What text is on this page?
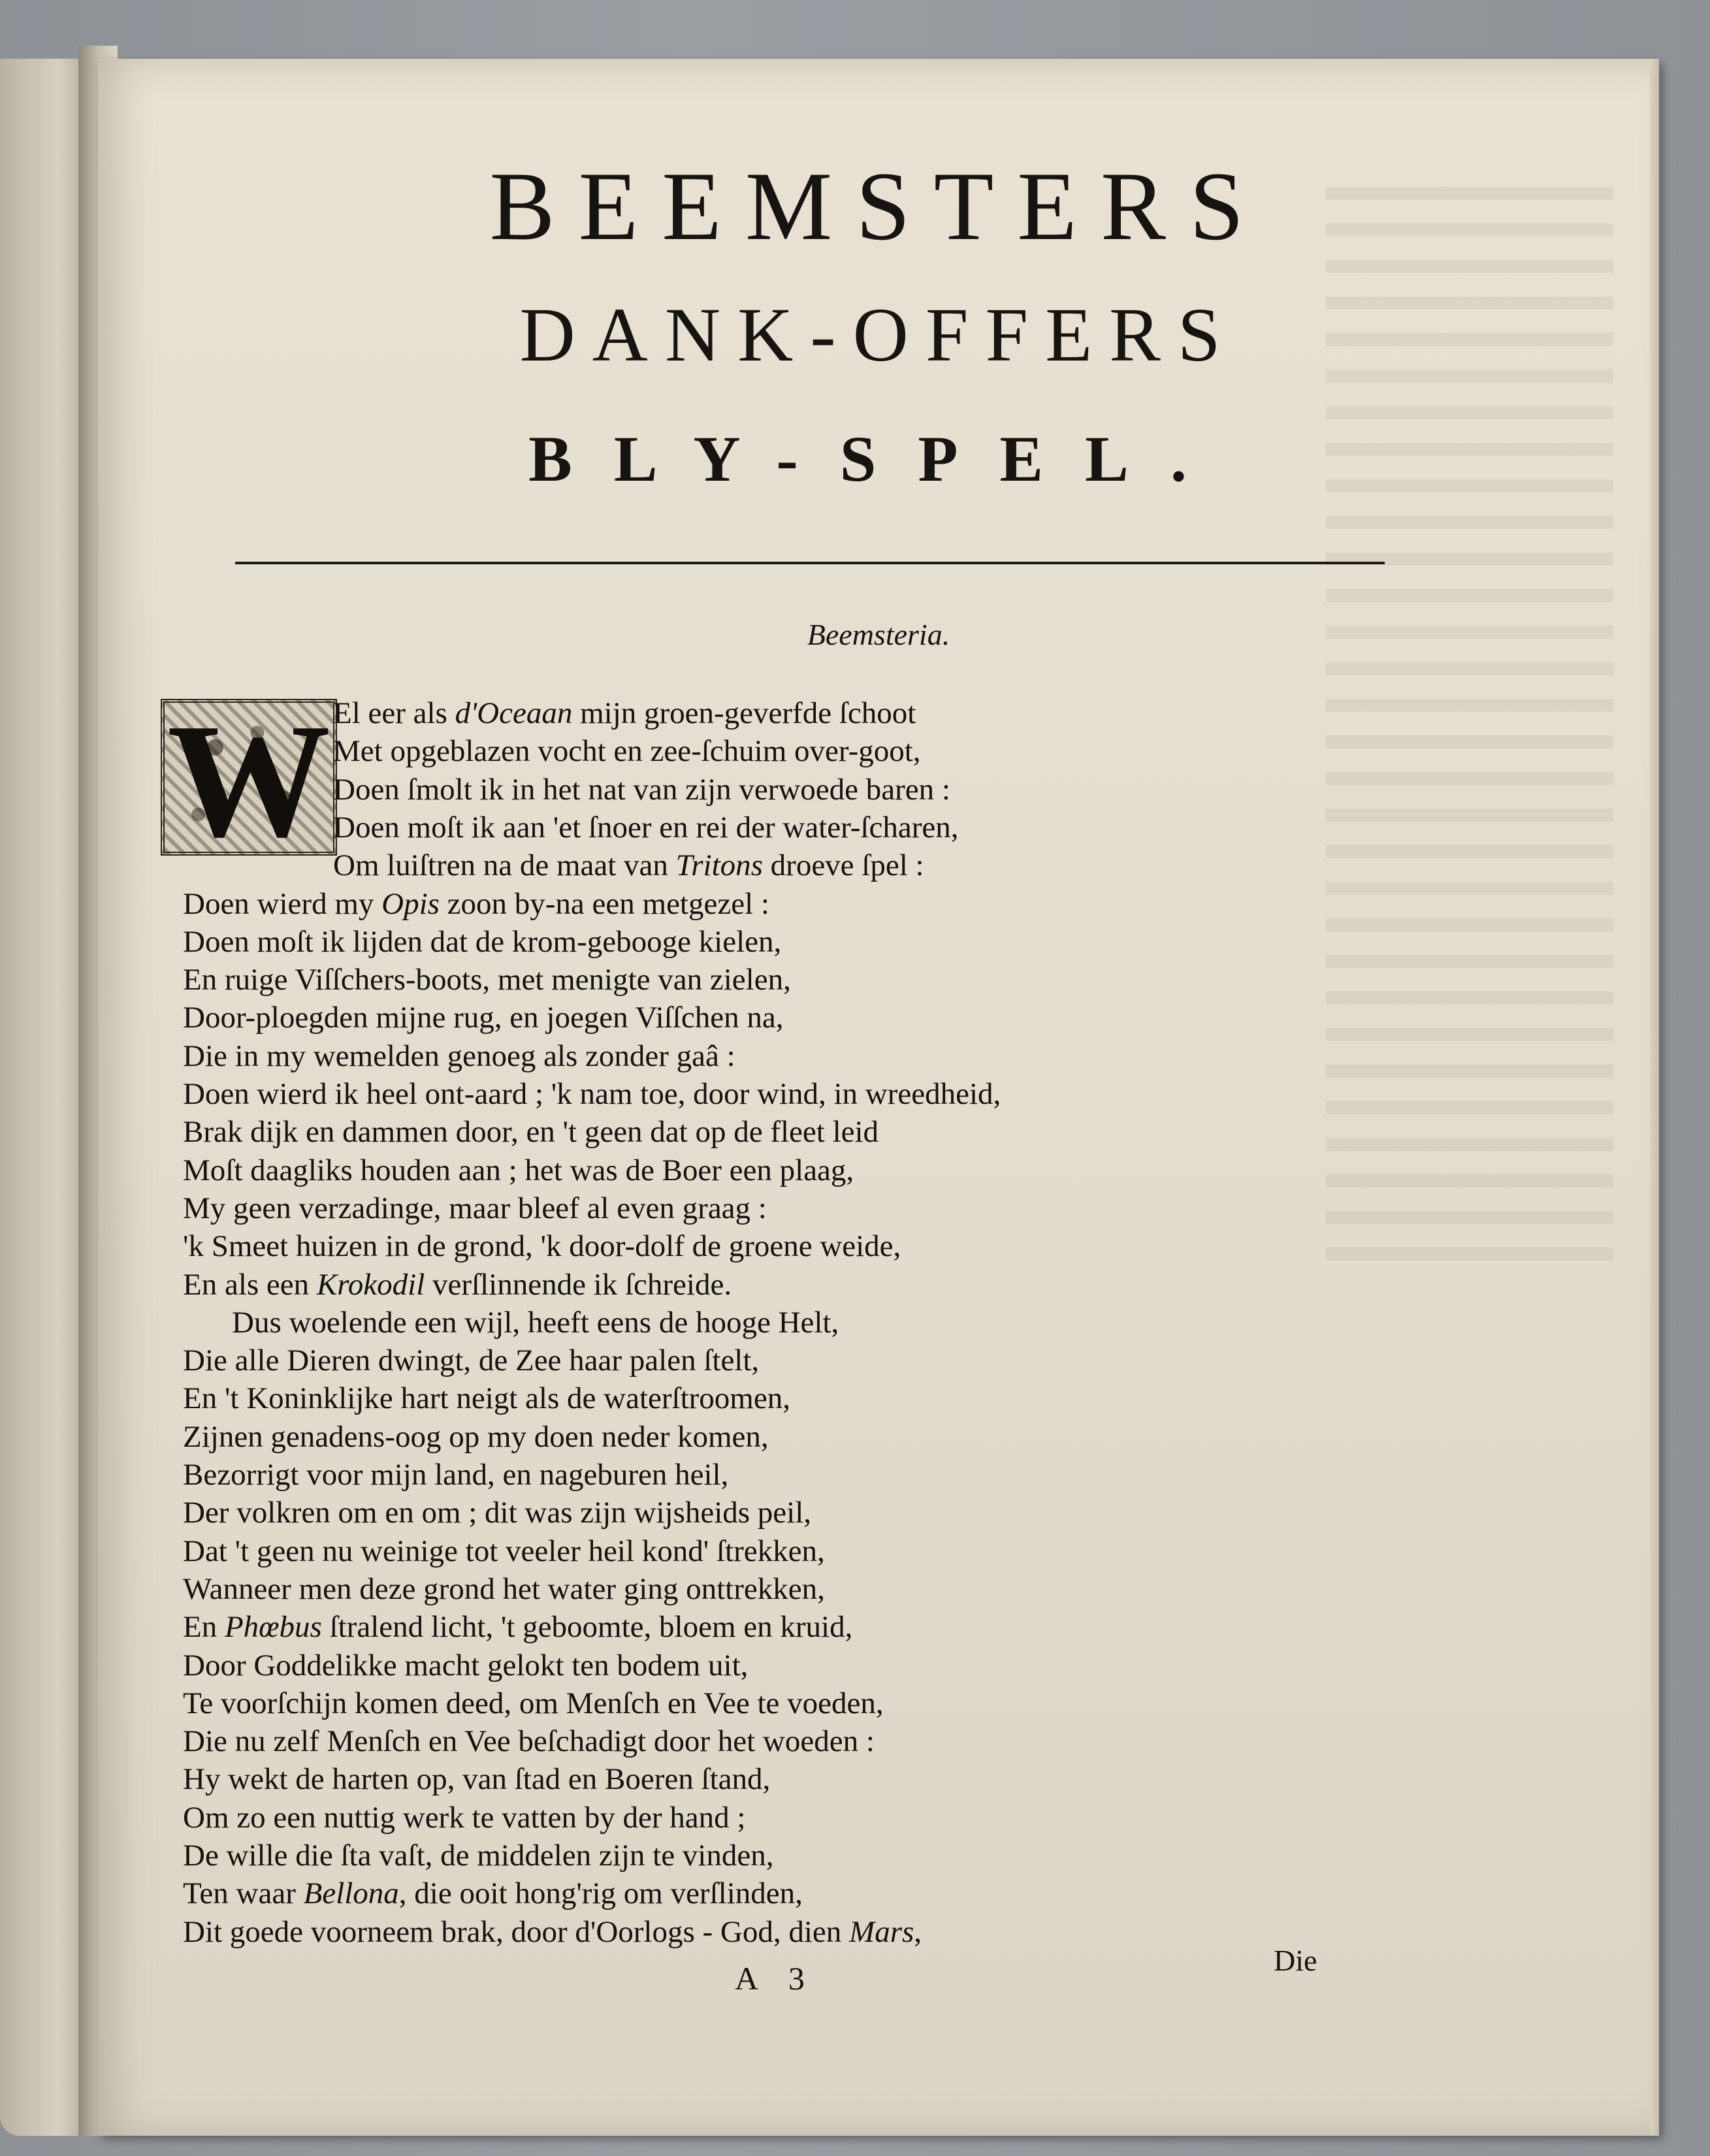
BEEMSTERS
DANK-OFFERS
BLY-SPEL.
Beemsteria.
W El eer als d'Oceaan mijn groen-geverfde ſchoot
Met opgeblazen vocht en zee-ſchuim over-goot,
Doen ſmolt ik in het nat van zijn verwoede baren :
Doen moſt ik aan 'et ſnoer en rei der water-ſcharen,
Om luiſtren na de maat van Tritons droeve ſpel :
Doen wierd my Opis zoon by-na een metgezel :
Doen moſt ik lijden dat de krom-gebooge kielen,
En ruige Viſſchers-boots, met menigte van zielen,
Door-ploegden mijne rug, en joegen Viſſchen na,
Die in my wemelden genoeg als zonder gaâ :
Doen wierd ik heel ont-aard ; 'k nam toe, door wind, in wreedheid,
Brak dijk en dammen door, en 't geen dat op de fleet leid
Moſt daagliks houden aan ; het was de Boer een plaag,
My geen verzadinge, maar bleef al even graag :
'k Smeet huizen in de grond, 'k door-dolf de groene weide,
En als een Krokodil verſlinnende ik ſchreide.
Dus woelende een wijl, heeft eens de hooge Helt,
Die alle Dieren dwingt, de Zee haar palen ſtelt,
En 't Koninklijke hart neigt als de waterſtroomen,
Zijnen genadens-oog op my doen neder komen,
Bezorrigt voor mijn land, en nageburen heil,
Der volkren om en om ; dit was zijn wijsheids peil,
Dat 't geen nu weinige tot veeler heil kond' ſtrekken,
Wanneer men deze grond het water ging onttrekken,
En Phœbus ſtralend licht, 't geboomte, bloem en kruid,
Door Goddelikke macht gelokt ten bodem uit,
Te voorſchijn komen deed, om Menſch en Vee te voeden,
Die nu zelf Menſch en Vee beſchadigt door het woeden :
Hy wekt de harten op, van ſtad en Boeren ſtand,
Om zo een nuttig werk te vatten by der hand ;
De wille die ſta vaſt, de middelen zijn te vinden,
Ten waar Bellona, die ooit hong'rig om verſlinden,
Dit goede voorneem brak, door d'Oorlogs - God, dien Mars,
A 3	Die
